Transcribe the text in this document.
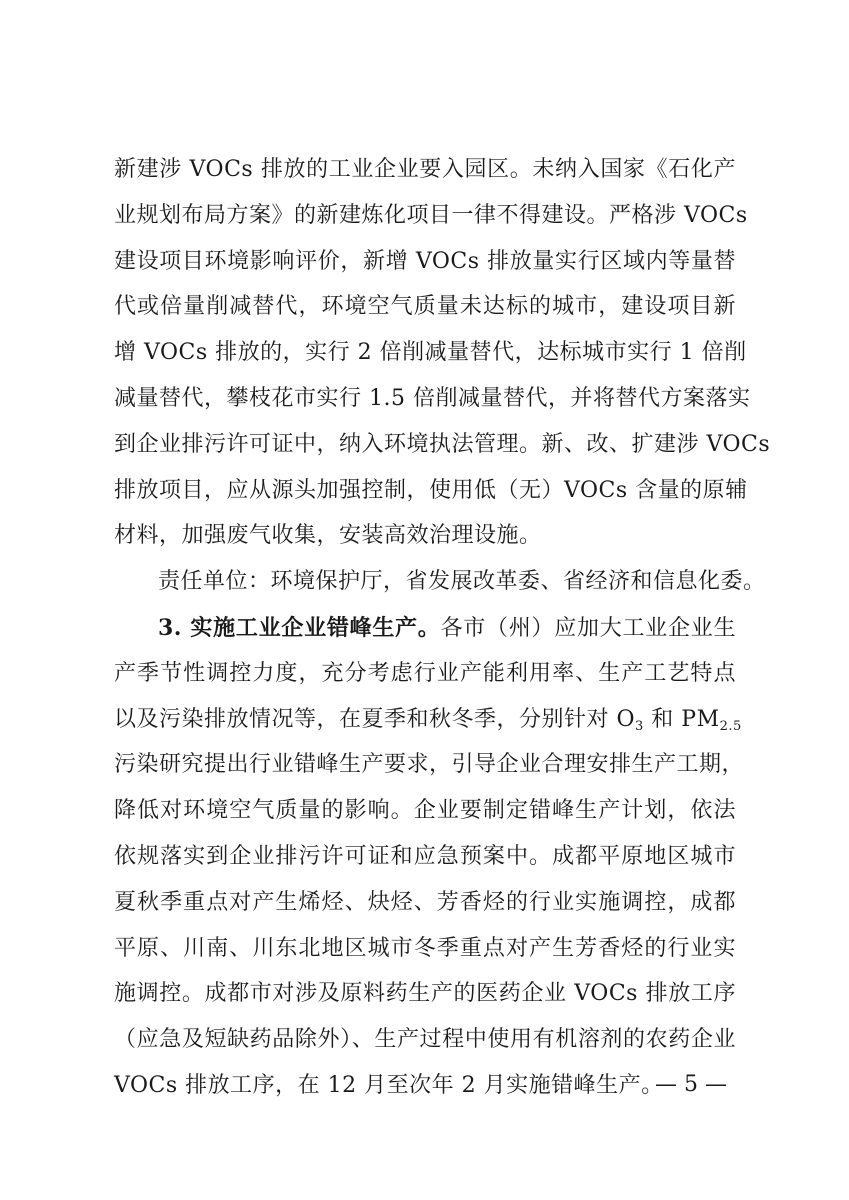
新建涉 VOCs 排放的工业企业要入园区。未纳入国家《石化产
业规划布局方案》的新建炼化项目一律不得建设。严格涉 VOCs
建设项目环境影响评价，新增 VOCs 排放量实行区域内等量替
代或倍量削减替代，环境空气质量未达标的城市，建设项目新
增 VOCs 排放的，实行 2 倍削减量替代，达标城市实行 1 倍削
减量替代，攀枝花市实行 1.5 倍削减量替代，并将替代方案落实
到企业排污许可证中，纳入环境执法管理。新、改、扩建涉 VOCs
排放项目，应从源头加强控制，使用低（无）VOCs 含量的原辅
材料，加强废气收集，安装高效治理设施。
责任单位：环境保护厅，省发展改革委、省经济和信息化委。
3. 实施工业企业错峰生产。各市（州）应加大工业企业生
产季节性调控力度，充分考虑行业产能利用率、生产工艺特点
以及污染排放情况等，在夏季和秋冬季，分别针对 $O_3$ 和 $PM_{2.5}$
污染研究提出行业错峰生产要求，引导企业合理安排生产工期，
降低对环境空气质量的影响。企业要制定错峰生产计划，依法
依规落实到企业排污许可证和应急预案中。成都平原地区城市
夏秋季重点对产生烯烃、炔烃、芳香烃的行业实施调控，成都
平原、川南、川东北地区城市冬季重点对产生芳香烃的行业实
施调控。成都市对涉及原料药生产的医药企业 VOCs 排放工序
（应急及短缺药品除外）、生产过程中使用有机溶剂的农药企业
VOCs 排放工序，在 12 月至次年 2 月实施错峰生产。
— 5 —
